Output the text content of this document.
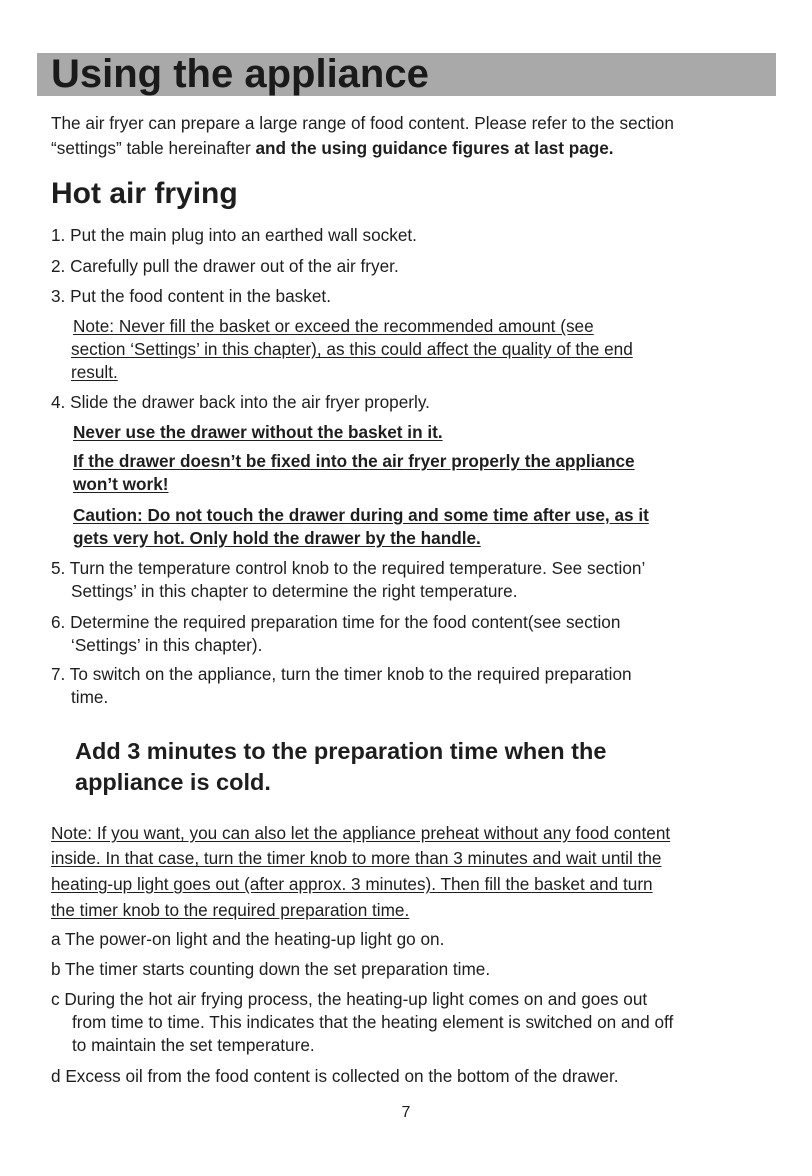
Using the appliance
The air fryer can prepare a large range of food content. Please refer to the section
“settings” table hereinafter and the using guidance figures at last page.
Hot air frying
1. Put the main plug into an earthed wall socket.
2. Carefully pull the drawer out of the air fryer.
3. Put the food content in the basket.
Note: Never fill the basket or exceed the recommended amount (see
section ‘Settings’ in this chapter), as this could affect the quality of the end
result.
4. Slide the drawer back into the air fryer properly.
Never use the drawer without the basket in it.
If the drawer doesn’t be fixed into the air fryer properly the appliance
won’t work!
Caution: Do not touch the drawer during and some time after use, as it
gets very hot. Only hold the drawer by the handle.
5. Turn the temperature control knob to the required temperature. See section’
Settings’ in this chapter to determine the right temperature.
6. Determine the required preparation time for the food content(see section
‘Settings’ in this chapter).
7. To switch on the appliance, turn the timer knob to the required preparation
time.
Add 3 minutes to the preparation time when the
appliance is cold.
Note: If you want, you can also let the appliance preheat without any food content
inside. In that case, turn the timer knob to more than 3 minutes and wait until the
heating-up light goes out (after approx. 3 minutes). Then fill the basket and turn
the timer knob to the required preparation time.
a The power-on light and the heating-up light go on.
b The timer starts counting down the set preparation time.
c During the hot air frying process, the heating-up light comes on and goes out
from time to time. This indicates that the heating element is switched on and off
to maintain the set temperature.
d Excess oil from the food content is collected on the bottom of the drawer.
7
